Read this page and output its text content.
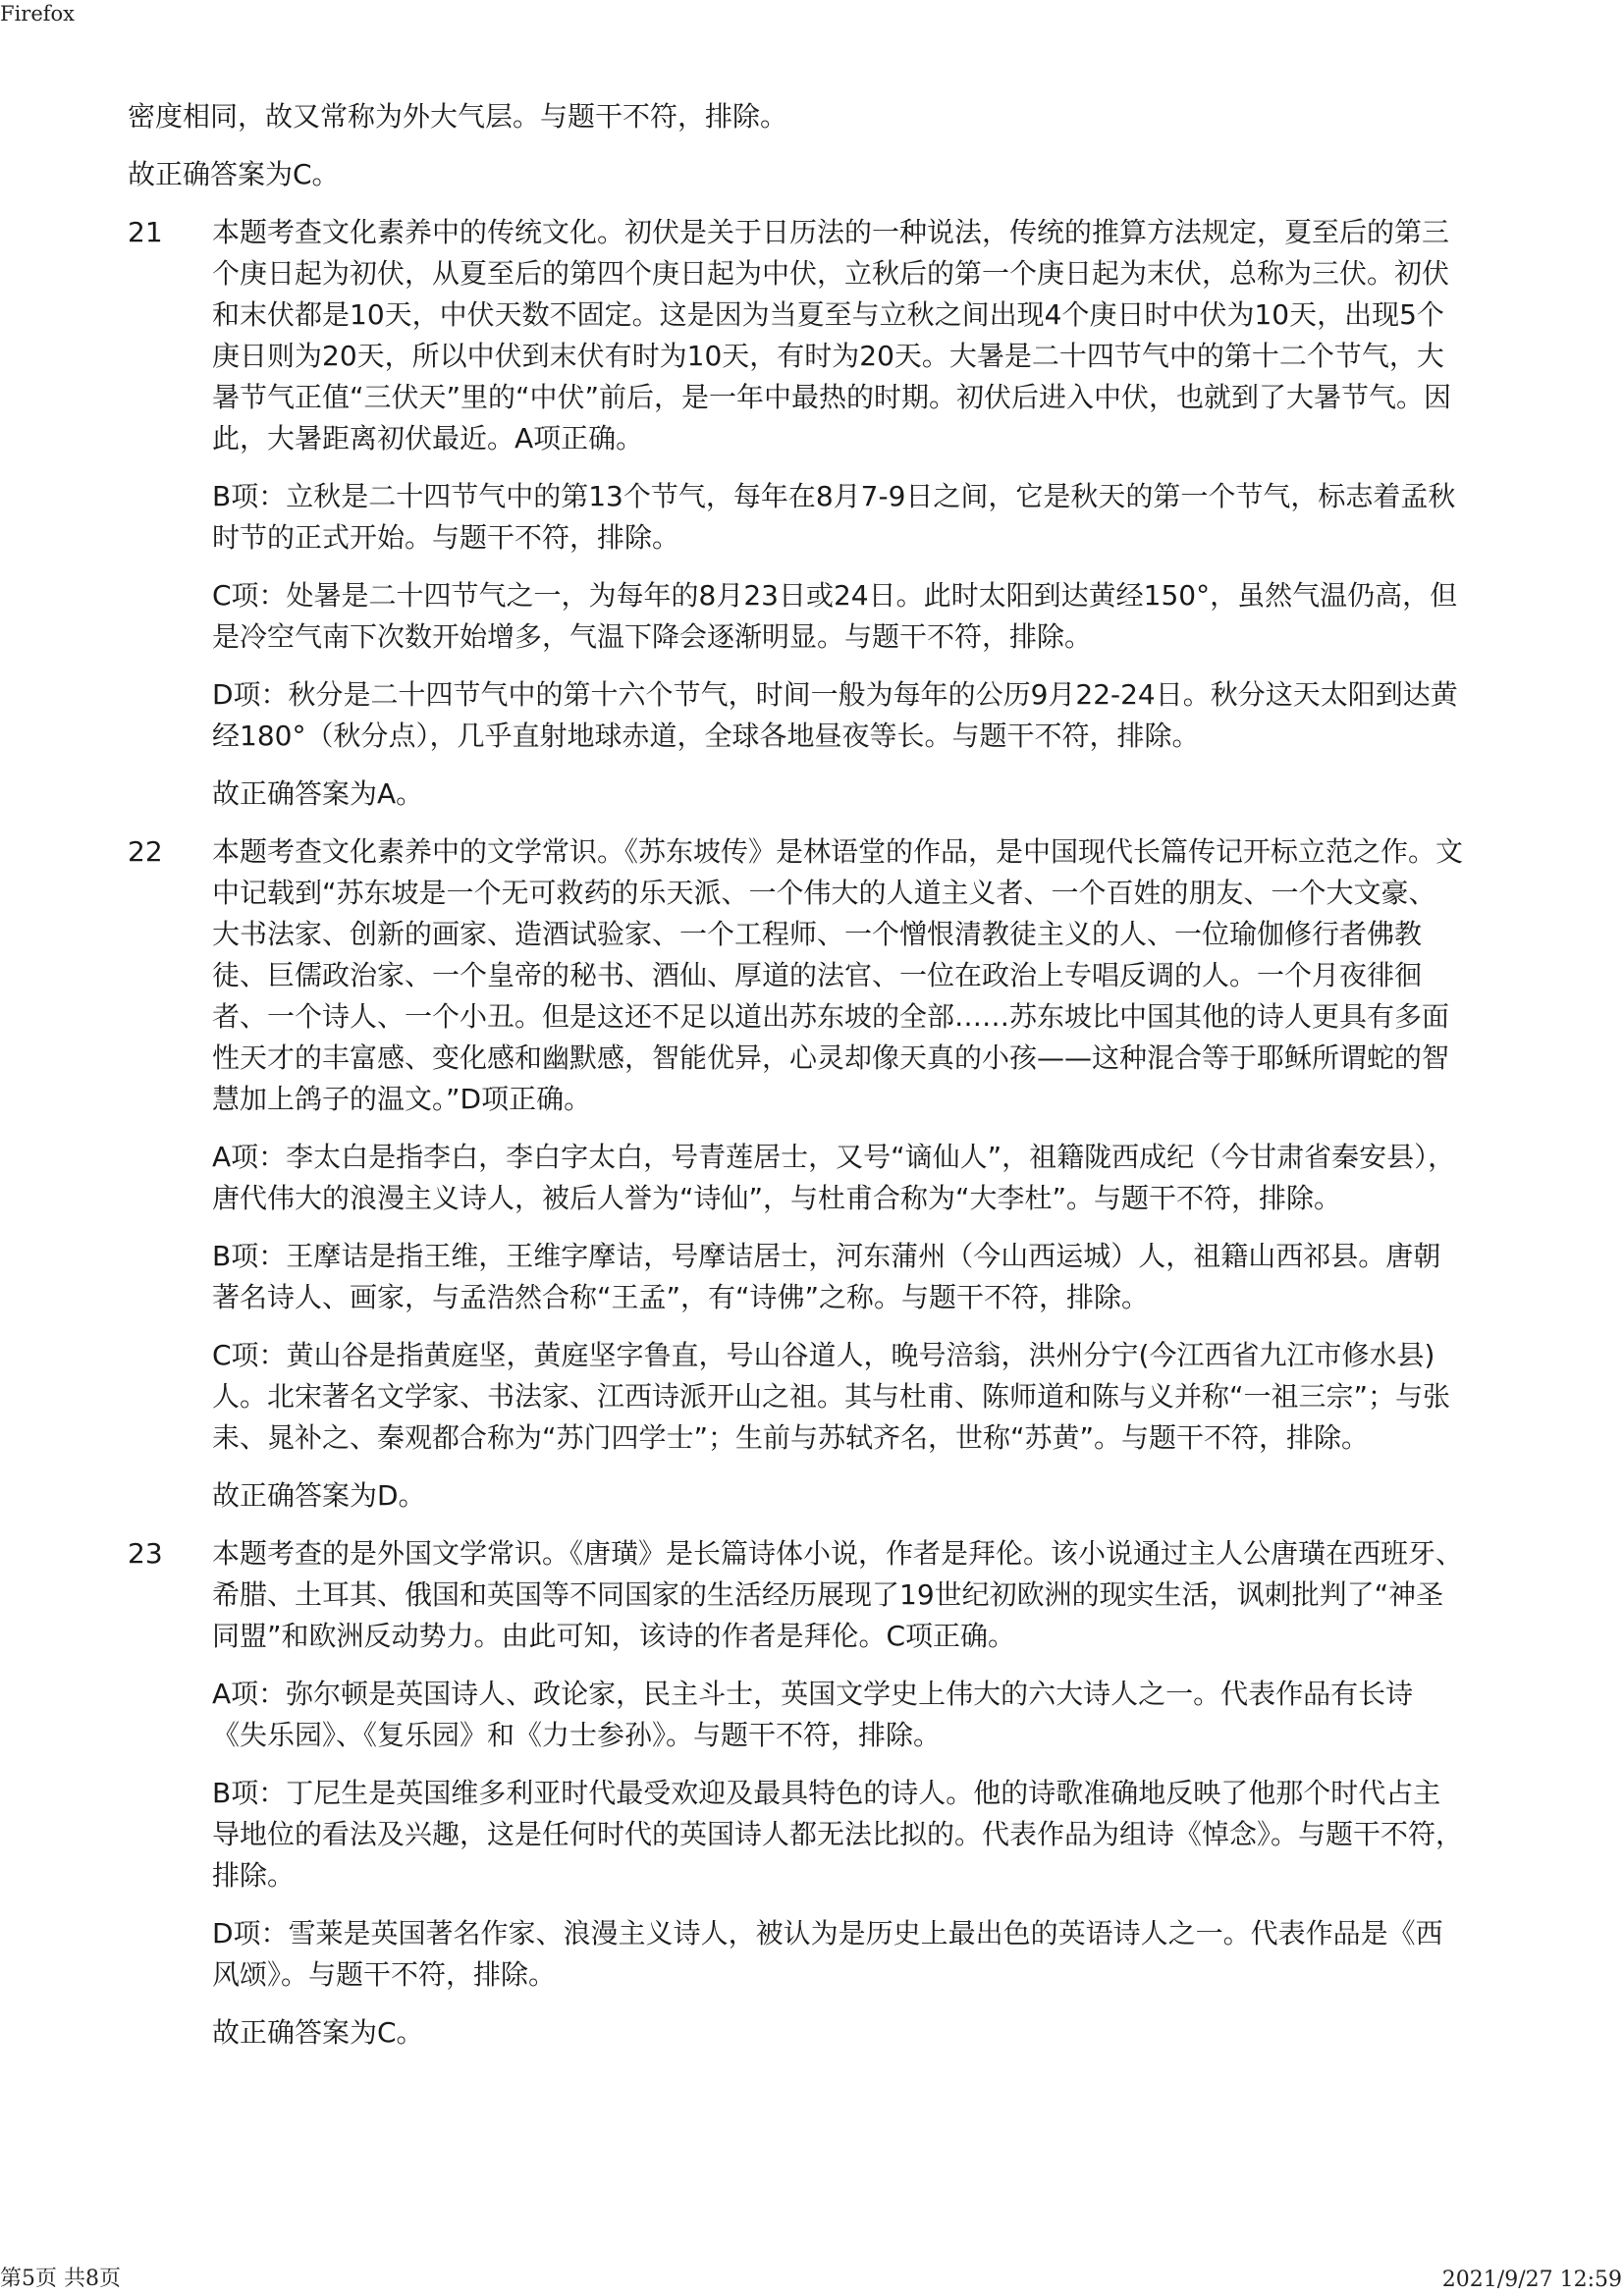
Firefox

密度相同，故又常称为外大气层。与题干不符，排除。

故正确答案为C。

21	本题考查文化素养中的传统文化。初伏是关于日历法的一种说法，传统的推算方法规定，夏至后的第三个庚日起为初伏，从夏至后的第四个庚日起为中伏，立秋后的第一个庚日起为末伏，总称为三伏。初伏和末伏都是10天，中伏天数不固定。这是因为当夏至与立秋之间出现4个庚日时中伏为10天，出现5个庚日则为20天，所以中伏到末伏有时为10天，有时为20天。大暑是二十四节气中的第十二个节气，大暑节气正值“三伏天”里的“中伏”前后，是一年中最热的时期。初伏后进入中伏，也就到了大暑节气。因此，大暑距离初伏最近。A项正确。

B项：立秋是二十四节气中的第13个节气，每年在8月7-9日之间，它是秋天的第一个节气，标志着孟秋时节的正式开始。与题干不符，排除。

C项：处暑是二十四节气之一，为每年的8月23日或24日。此时太阳到达黄经150°，虽然气温仍高，但是冷空气南下次数开始增多，气温下降会逐渐明显。与题干不符，排除。

D项：秋分是二十四节气中的第十六个节气，时间一般为每年的公历9月22-24日。秋分这天太阳到达黄经180°（秋分点），几乎直射地球赤道，全球各地昼夜等长。与题干不符，排除。

故正确答案为A。

22	本题考查文化素养中的文学常识。《苏东坡传》是林语堂的作品，是中国现代长篇传记开标立范之作。文中记载到“苏东坡是一个无可救药的乐天派、一个伟大的人道主义者、一个百姓的朋友、一个大文豪、大书法家、创新的画家、造酒试验家、一个工程师、一个憎恨清教徒主义的人、一位瑜伽修行者佛教徒、巨儒政治家、一个皇帝的秘书、酒仙、厚道的法官、一位在政治上专唱反调的人。一个月夜徘徊者、一个诗人、一个小丑。但是这还不足以道出苏东坡的全部……苏东坡比中国其他的诗人更具有多面性天才的丰富感、变化感和幽默感，智能优异，心灵却像天真的小孩——这种混合等于耶稣所谓蛇的智慧加上鸽子的温文。”D项正确。

A项：李太白是指李白，李白字太白，号青莲居士，又号“谪仙人”，祖籍陇西成纪（今甘肃省秦安县），唐代伟大的浪漫主义诗人，被后人誉为“诗仙”，与杜甫合称为“大李杜”。与题干不符，排除。

B项：王摩诘是指王维，王维字摩诘，号摩诘居士，河东蒲州（今山西运城）人，祖籍山西祁县。唐朝著名诗人、画家，与孟浩然合称“王孟”，有“诗佛”之称。与题干不符，排除。

C项：黄山谷是指黄庭坚，黄庭坚字鲁直，号山谷道人，晚号涪翁，洪州分宁(今江西省九江市修水县)人。北宋著名文学家、书法家、江西诗派开山之祖。其与杜甫、陈师道和陈与义并称“一祖三宗”；与张耒、晁补之、秦观都合称为“苏门四学士”；生前与苏轼齐名，世称“苏黄”。与题干不符，排除。

故正确答案为D。

23	本题考查的是外国文学常识。《唐璜》是长篇诗体小说，作者是拜伦。该小说通过主人公唐璜在西班牙、希腊、土耳其、俄国和英国等不同国家的生活经历展现了19世纪初欧洲的现实生活，讽刺批判了“神圣同盟”和欧洲反动势力。由此可知，该诗的作者是拜伦。C项正确。

A项：弥尔顿是英国诗人、政论家，民主斗士，英国文学史上伟大的六大诗人之一。代表作品有长诗《失乐园》、《复乐园》和《力士参孙》。与题干不符，排除。

B项：丁尼生是英国维多利亚时代最受欢迎及最具特色的诗人。他的诗歌准确地反映了他那个时代占主导地位的看法及兴趣，这是任何时代的英国诗人都无法比拟的。代表作品为组诗《悼念》。与题干不符，排除。

D项：雪莱是英国著名作家、浪漫主义诗人，被认为是历史上最出色的英语诗人之一。代表作品是《西风颂》。与题干不符，排除。

故正确答案为C。

第5页 共8页	2021/9/27 12:59
